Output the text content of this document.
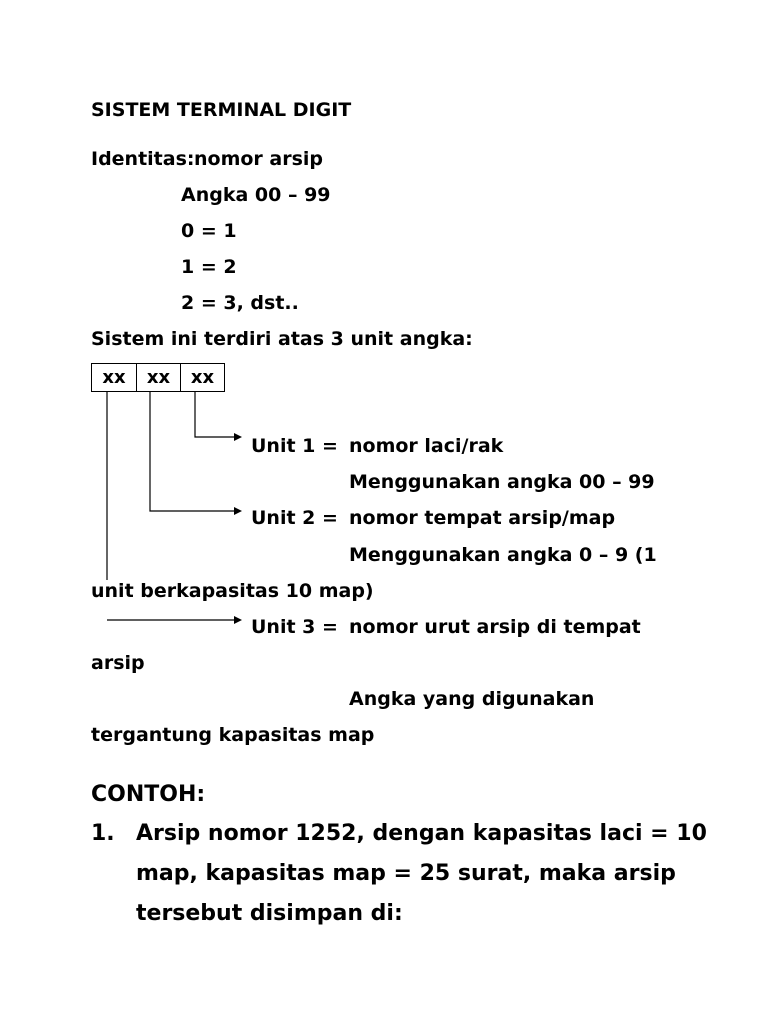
SISTEM TERMINAL DIGIT
Identitas: nomor arsip
Angka 00 – 99
0 = 1
1 = 2
2 = 3, dst..
Sistem ini terdiri atas 3 unit angka:
xx	xx	xx
Unit 1 = nomor laci/rak
Menggunakan angka 00 – 99
Unit 2 = nomor tempat arsip/map
Menggunakan angka 0 – 9 (1
unit berkapasitas 10 map)
Unit 3 = nomor urut arsip di tempat
arsip
Angka yang digunakan
tergantung kapasitas map
CONTOH:
1. Arsip nomor 1252, dengan kapasitas laci = 10
map, kapasitas map = 25 surat, maka arsip
tersebut disimpan di:
